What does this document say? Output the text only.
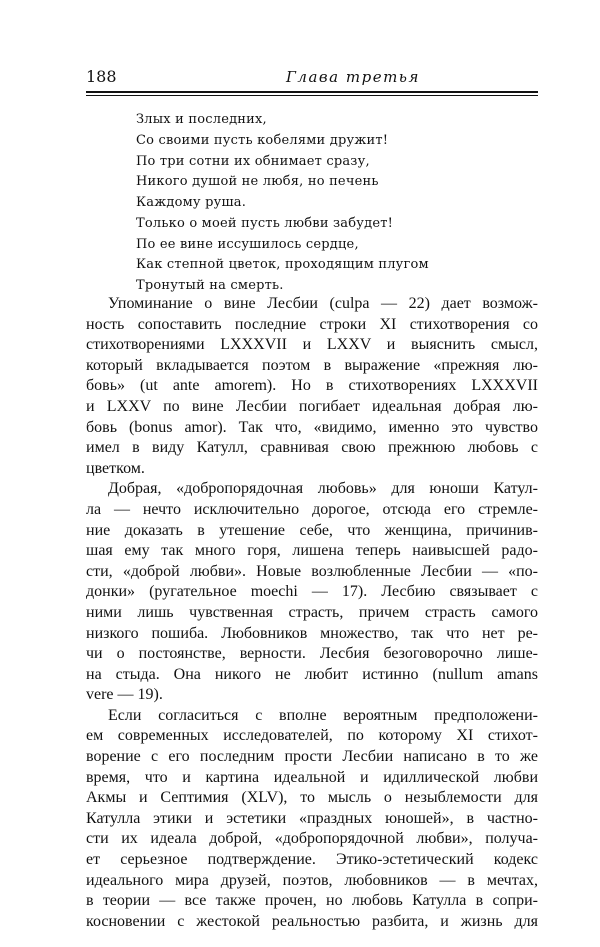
188	Глава третья
Злых и последних,
Со своими пусть кобелями дружит!
По три сотни их обнимает сразу,
Никого душой не любя, но печень
Каждому руша.
Только о моей пусть любви забудет!
По ее вине иссушилось сердце,
Как степной цветок, проходящим плугом
Тронутый на смерть.
Упоминание о вине Лесбии (culpa — 22) дает возмож-
ность сопоставить последние строки XI стихотворения со
стихотворениями LXXXVII и LXXV и выяснить смысл,
который вкладывается поэтом в выражение «прежняя лю-
бовь» (ut ante amorem). Но в стихотворениях LXXXVII
и LXXV по вине Лесбии погибает идеальная добрая лю-
бовь (bonus amor). Так что, «видимо, именно это чувство
имел в виду Катулл, сравнивая свою прежнюю любовь с
цветком.
Добрая, «добропорядочная любовь» для юноши Катул-
ла — нечто исключительно дорогое, отсюда его стремле-
ние доказать в утешение себе, что женщина, причинив-
шая ему так много горя, лишена теперь наивысшей радо-
сти, «доброй любви». Новые возлюбленные Лесбии — «по-
донки» (ругательное moechi — 17). Лесбию связывает с
ними лишь чувственная страсть, причем страсть самого
низкого пошиба. Любовников множество, так что нет ре-
чи о постоянстве, верности. Лесбия безоговорочно лише-
на стыда. Она никого не любит истинно (nullum amans
vere — 19).
Если согласиться с вполне вероятным предположени-
ем современных исследователей, по которому XI стихот-
ворение с его последним прости Лесбии написано в то же
время, что и картина идеальной и идиллической любви
Акмы и Септимия (XLV), то мысль о незыблемости для
Катулла этики и эстетики «праздных юношей», в частно-
сти их идеала доброй, «добропорядочной любви», получа-
ет серьезное подтверждение. Этико-эстетический кодекс
идеального мира друзей, поэтов, любовников — в мечтах,
в теории — все также прочен, но любовь Катулла в сопри-
косновении с жестокой реальностью разбита, и жизнь для
